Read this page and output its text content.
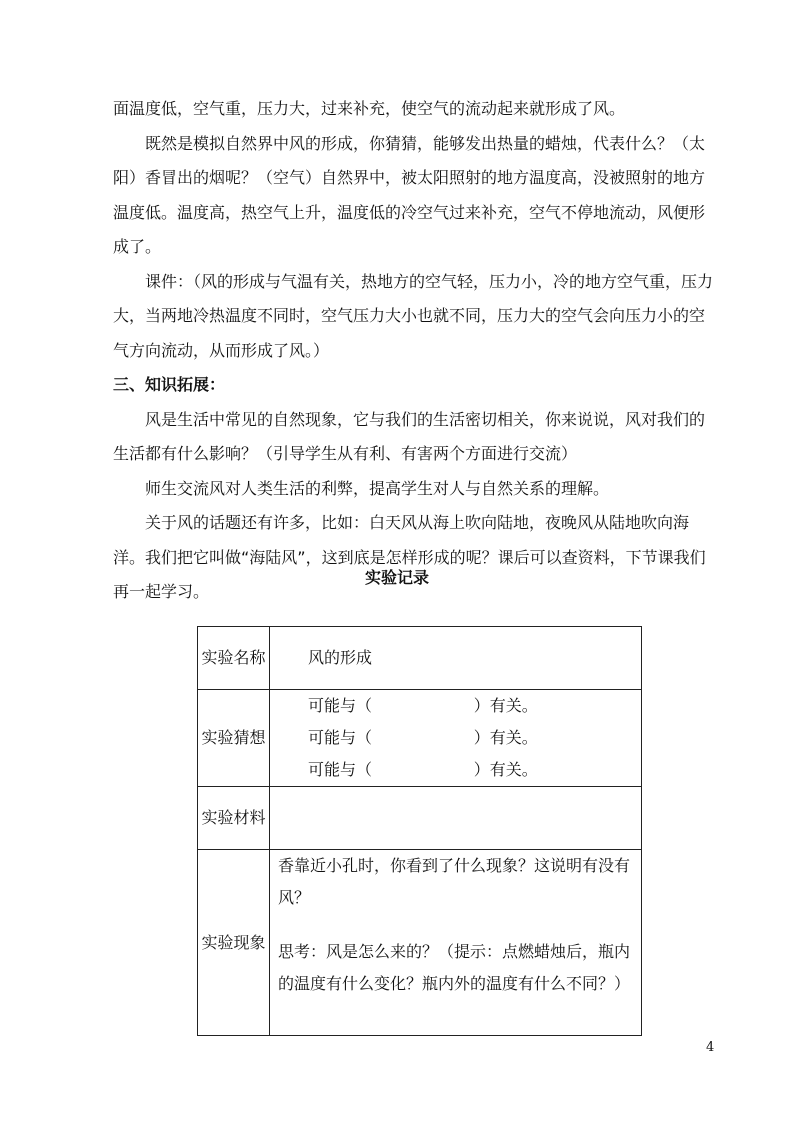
面温度低，空气重，压力大，过来补充，使空气的流动起来就形成了风。

既然是模拟自然界中风的形成，你猜猜，能够发出热量的蜡烛，代表什么？（太阳）香冒出的烟呢？（空气）自然界中，被太阳照射的地方温度高，没被照射的地方温度低。温度高，热空气上升，温度低的冷空气过来补充，空气不停地流动，风便形成了。

课件：（风的形成与气温有关，热地方的空气轻，压力小，冷的地方空气重，压力大，当两地冷热温度不同时，空气压力大小也就不同，压力大的空气会向压力小的空气方向流动，从而形成了风。）

三、知识拓展：

风是生活中常见的自然现象，它与我们的生活密切相关，你来说说，风对我们的生活都有什么影响？（引导学生从有利、有害两个方面进行交流）

师生交流风对人类生活的利弊，提高学生对人与自然关系的理解。

关于风的话题还有许多，比如：白天风从海上吹向陆地，夜晚风从陆地吹向海洋。我们把它叫做“海陆风”，这到底是怎样形成的呢？课后可以查资料，下节课我们再一起学习。

实验记录
实验名称	风的形成
实验猜想	可能与（                    ）有关。
可能与（                    ）有关。
可能与（                    ）有关。

实验材料	
实验现象	香靠近小孔时，你看到了什么现象？这说明有没有风？

思考：风是怎么来的？（提示：点燃蜡烛后，瓶内的温度有什么变化？瓶内外的温度有什么不同？）

4
